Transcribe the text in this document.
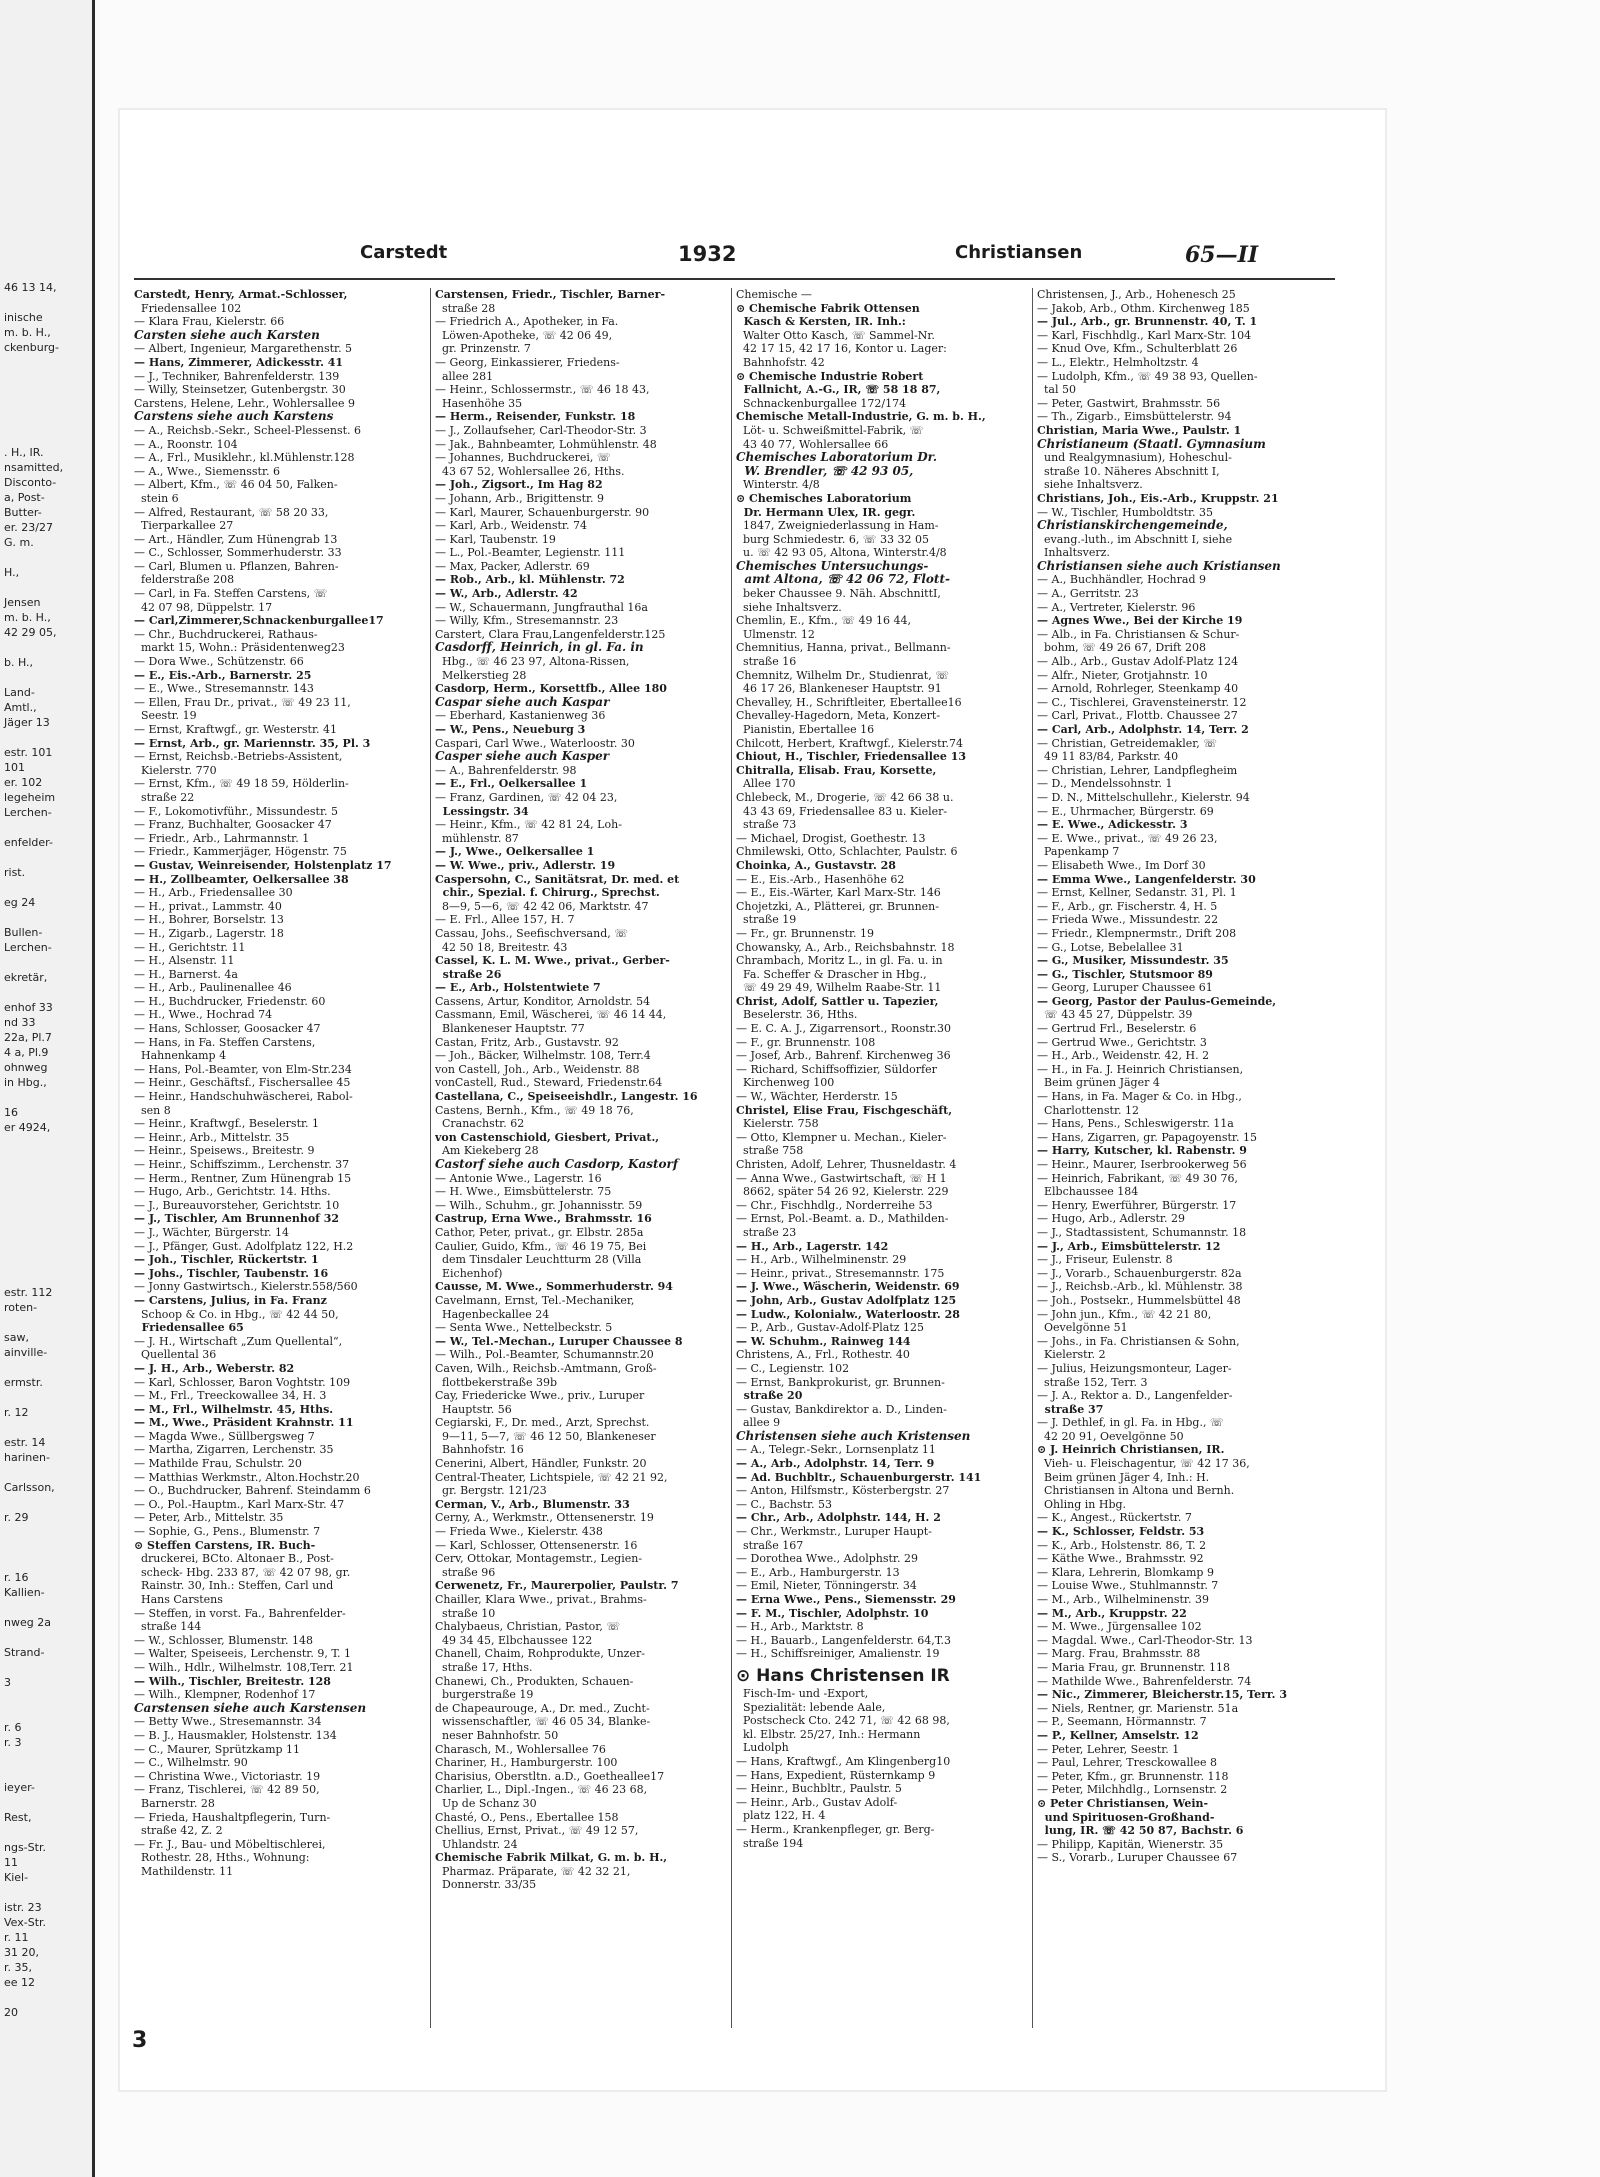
46 13 14,

inische
m. b. H.,
ckenburg-

. H., IR.
nsamitted,
Disconto-
a, Post-
Butter-
er. 23/27
G. m.

H.,

Jensen
m. b. H.,
42 29 05,

b. H.,

Land-
Amtl.,
Jäger 13

estr. 101
101
er. 102
legeheim
Lerchen-

enfelder-

rist.

eg 24

Bullen-
Lerchen-

ekretär,

enhof 33
nd 33
22a, Pl.7
4 a, Pl.9
ohnweg
in Hbg.,

16
er 4924,

estr. 112
roten-

saw,
ainville-

ermstr.

r. 12

estr. 14
harinen-

Carlsson,

r. 29

r. 16
Kallien-

nweg 2a

Strand-

3

r. 6
r. 3

ieyer-

Rest,

ngs-Str.
11
Kiel-

istr. 23
Vex-Str.
r. 11
31 20,
r. 35,
ee 12

20
Carstedt	1932	Christiansen	65—II
Carstedt, Henry, Armat.-Schlosser,
Friedensallee 102
— Klara Frau, Kielerstr. 66
Carsten siehe auch Karsten
— Albert, Ingenieur, Margarethenstr. 5
— Hans, Zimmerer, Adickesstr. 41
— J., Techniker, Bahrenfelderstr. 139
— Willy, Steinsetzer, Gutenbergstr. 30
Carstens, Helene, Lehr., Wohlersallee 9
Carstens siehe auch Karstens
— A., Reichsb.-Sekr., Scheel-Plessenst. 6
— A., Roonstr. 104
— A., Frl., Musiklehr., kl.Mühlenstr.128
— A., Wwe., Siemensstr. 6
— Albert, Kfm., ☏ 46 04 50, Falken-
stein 6
— Alfred, Restaurant, ☏ 58 20 33,
Tierparkallee 27
— Art., Händler, Zum Hünengrab 13
— C., Schlosser, Sommerhuderstr. 33
— Carl, Blumen u. Pflanzen, Bahren-
felderstraße 208
— Carl, in Fa. Steffen Carstens, ☏
42 07 98, Düppelstr. 17
— Carl,Zimmerer,Schnackenburgallee17
— Chr., Buchdruckerei, Rathaus-
markt 15, Wohn.: Präsidentenweg23
— Dora Wwe., Schützenstr. 66
— E., Eis.-Arb., Barnerstr. 25
— E., Wwe., Stresemannstr. 143
— Ellen, Frau Dr., privat., ☏ 49 23 11,
Seestr. 19
— Ernst, Kraftwgf., gr. Westerstr. 41
— Ernst, Arb., gr. Mariennstr. 35, Pl. 3
— Ernst, Reichsb.-Betriebs-Assistent,
Kielerstr. 770
— Ernst, Kfm., ☏ 49 18 59, Hölderlin-
straße 22
— F., Lokomotivführ., Missundestr. 5
— Franz, Buchhalter, Goosacker 47
— Friedr., Arb., Lahrmannstr. 1
— Friedr., Kammerjäger, Högenstr. 75
— Gustav, Weinreisender, Holstenplatz 17
— H., Zollbeamter, Oelkersallee 38
— H., Arb., Friedensallee 30
— H., privat., Lammstr. 40
— H., Bohrer, Borselstr. 13
— H., Zigarb., Lagerstr. 18
— H., Gerichtstr. 11
— H., Alsenstr. 11
— H., Barnerst. 4a
— H., Arb., Paulinenallee 46
— H., Buchdrucker, Friedenstr. 60
— H., Wwe., Hochrad 74
— Hans, Schlosser, Goosacker 47
— Hans, in Fa. Steffen Carstens,
Hahnenkamp 4
— Hans, Pol.-Beamter, von Elm-Str.234
— Heinr., Geschäftsf., Fischersallee 45
— Heinr., Handschuhwäscherei, Rabol-
sen 8
— Heinr., Kraftwgf., Beselerstr. 1
— Heinr., Arb., Mittelstr. 35
— Heinr., Speisews., Breitestr. 9
— Heinr., Schiffszimm., Lerchenstr. 37
— Herm., Rentner, Zum Hünengrab 15
— Hugo, Arb., Gerichtstr. 14. Hths.
— J., Bureauvorsteher, Gerichtstr. 10
— J., Tischler, Am Brunnenhof 32
— J., Wächter, Bürgerstr. 14
— J., Pfänger, Gust. Adolfplatz 122, H.2
— Joh., Tischler, Rückertstr. 1
— Johs., Tischler, Taubenstr. 16
— Jonny Gastwirtsch., Kielerstr.558/560
— Carstens, Julius, in Fa. Franz
Schoop & Co. in Hbg., ☏ 42 44 50,
Friedensallee 65
— J. H., Wirtschaft „Zum Quellental“,
Quellental 36
— J. H., Arb., Weberstr. 82
— Karl, Schlosser, Baron Voghtstr. 109
— M., Frl., Treeckowallee 34, H. 3
— M., Frl., Wilhelmstr. 45, Hths.
— M., Wwe., Präsident Krahnstr. 11
— Magda Wwe., Süllbergsweg 7
— Martha, Zigarren, Lerchenstr. 35
— Mathilde Frau, Schulstr. 20
— Matthias Werkmstr., Alton.Hochstr.20
— O., Buchdrucker, Bahrenf. Steindamm 6
— O., Pol.-Hauptm., Karl Marx-Str. 47
— Peter, Arb., Mittelstr. 35
— Sophie, G., Pens., Blumenstr. 7
⊙ Steffen Carstens, IR. Buch-
druckerei, BCto. Altonaer B., Post-
scheck- Hbg. 233 87, ☏ 42 07 98, gr.
Rainstr. 30, Inh.: Steffen, Carl und
Hans Carstens
— Steffen, in vorst. Fa., Bahrenfelder-
straße 144
— W., Schlosser, Blumenstr. 148
— Walter, Speiseeis, Lerchenstr. 9, T. 1
— Wilh., Hdlr., Wilhelmstr. 108,Terr. 21
— Wilh., Tischler, Breitestr. 128
— Wilh., Klempner, Rodenhof 17
Carstensen siehe auch Karstensen
— Betty Wwe., Stresemannstr. 34
— B. J., Hausmakler, Holstenstr. 134
— C., Maurer, Sprützkamp 11
— C., Wilhelmstr. 90
— Christina Wwe., Victoriastr. 19
— Franz, Tischlerei, ☏ 42 89 50,
Barnerstr. 28
— Frieda, Haushaltpflegerin, Turn-
straße 42, Z. 2
— Fr. J., Bau- und Möbeltischlerei,
Rothestr. 28, Hths., Wohnung:
Mathildenstr. 11
Carstensen, Friedr., Tischler, Barner-
straße 28
— Friedrich A., Apotheker, in Fa.
Löwen-Apotheke, ☏ 42 06 49,
gr. Prinzenstr. 7
— Georg, Einkassierer, Friedens-
allee 281
— Heinr., Schlossermstr., ☏ 46 18 43,
Hasenhöhe 35
— Herm., Reisender, Funkstr. 18
— J., Zollaufseher, Carl-Theodor-Str. 3
— Jak., Bahnbeamter, Lohmühlenstr. 48
— Johannes, Buchdruckerei, ☏
43 67 52, Wohlersallee 26, Hths.
— Joh., Zigsort., Im Hag 82
— Johann, Arb., Brigittenstr. 9
— Karl, Maurer, Schauenburgerstr. 90
— Karl, Arb., Weidenstr. 74
— Karl, Taubenstr. 19
— L., Pol.-Beamter, Legienstr. 111
— Max, Packer, Adlerstr. 69
— Rob., Arb., kl. Mühlenstr. 72
— W., Arb., Adlerstr. 42
— W., Schauermann, Jungfrauthal 16a
— Willy, Kfm., Stresemannstr. 23
Carstert, Clara Frau,Langenfelderstr.125
Casdorff, Heinrich, in gl. Fa. in
Hbg., ☏ 46 23 97, Altona-Rissen,
Melkerstieg 28
Casdorp, Herm., Korsettfb., Allee 180
Caspar siehe auch Kaspar
— Eberhard, Kastanienweg 36
— W., Pens., Neueburg 3
Caspari, Carl Wwe., Waterloostr. 30
Casper siehe auch Kasper
— A., Bahrenfelderstr. 98
— E., Frl., Oelkersallee 1
— Franz, Gardinen, ☏ 42 04 23,
Lessingstr. 34
— Heinr., Kfm., ☏ 42 81 24, Loh-
mühlenstr. 87
— J., Wwe., Oelkersallee 1
— W. Wwe., priv., Adlerstr. 19
Caspersohn, C., Sanitätsrat, Dr. med. et
chir., Spezial. f. Chirurg., Sprechst.
8—9, 5—6, ☏ 42 42 06, Marktstr. 47
— E. Frl., Allee 157, H. 7
Cassau, Johs., Seefischversand, ☏
42 50 18, Breitestr. 43
Cassel, K. L. M. Wwe., privat., Gerber-
straße 26
— E., Arb., Holstentwiete 7
Cassens, Artur, Konditor, Arnoldstr. 54
Cassmann, Emil, Wäscherei, ☏ 46 14 44,
Blankeneser Hauptstr. 77
Castan, Fritz, Arb., Gustavstr. 92
— Joh., Bäcker, Wilhelmstr. 108, Terr.4
von Castell, Joh., Arb., Weidenstr. 88
vonCastell, Rud., Steward, Friedenstr.64
Castellana, C., Speiseeishdlr., Langestr. 16
Castens, Bernh., Kfm., ☏ 49 18 76,
Cranachstr. 62
von Castenschiold, Giesbert, Privat.,
Am Kiekeberg 28
Castorf siehe auch Casdorp, Kastorf
— Antonie Wwe., Lagerstr. 16
— H. Wwe., Eimsbüttelerstr. 75
— Wilh., Schuhm., gr. Johannisstr. 59
Castrup, Erna Wwe., Brahmsstr. 16
Cathor, Peter, privat., gr. Elbstr. 285a
Caulier, Guido, Kfm., ☏ 46 19 75, Bei
dem Tinsdaler Leuchtturm 28 (Villa
Eichenhof)
Causse, M. Wwe., Sommerhuderstr. 94
Cavelmann, Ernst, Tel.-Mechaniker,
Hagenbeckallee 24
— Senta Wwe., Nettelbeckstr. 5
— W., Tel.-Mechan., Luruper Chaussee 8
— Wilh., Pol.-Beamter, Schumannstr.20
Caven, Wilh., Reichsb.-Amtmann, Groß-
flottbekerstraße 39b
Cay, Friedericke Wwe., priv., Luruper
Hauptstr. 56
Cegiarski, F., Dr. med., Arzt, Sprechst.
9—11, 5—7, ☏ 46 12 50, Blankeneser
Bahnhofstr. 16
Cenerini, Albert, Händler, Funkstr. 20
Central-Theater, Lichtspiele, ☏ 42 21 92,
gr. Bergstr. 121/23
Cerman, V., Arb., Blumenstr. 33
Cerny, A., Werkmstr., Ottensenerstr. 19
— Frieda Wwe., Kielerstr. 438
— Karl, Schlosser, Ottensenerstr. 16
Cerv, Ottokar, Montagemstr., Legien-
straße 96
Cerwenetz, Fr., Maurerpolier, Paulstr. 7
Chailler, Klara Wwe., privat., Brahms-
straße 10
Chalybaeus, Christian, Pastor, ☏
49 34 45, Elbchaussee 122
Chanell, Chaim, Rohprodukte, Unzer-
straße 17, Hths.
Chanewi, Ch., Produkten, Schauen-
burgerstraße 19
de Chapeaurouge, A., Dr. med., Zucht-
wissenschaftler, ☏ 46 05 34, Blanke-
neser Bahnhofstr. 50
Charasch, M., Wohlersallee 76
Chariner, H., Hamburgerstr. 100
Charisius, Oberstltn. a.D., Goetheallee17
Charlier, L., Dipl.-Ingen., ☏ 46 23 68,
Up de Schanz 30
Chasté, O., Pens., Ebertallee 158
Chellius, Ernst, Privat., ☏ 49 12 57,
Uhlandstr. 24
Chemische Fabrik Milkat, G. m. b. H.,
Pharmaz. Präparate, ☏ 42 32 21,
Donnerstr. 33/35
Chemische —
⊙ Chemische Fabrik Ottensen
Kasch & Kersten, IR. Inh.:
Walter Otto Kasch, ☏ Sammel-Nr.
42 17 15, 42 17 16, Kontor u. Lager:
Bahnhofstr. 42
⊙ Chemische Industrie Robert
Fallnicht, A.-G., IR, ☏ 58 18 87,
Schnackenburgallee 172/174
Chemische Metall-Industrie, G. m. b. H.,
Löt- u. Schweißmittel-Fabrik, ☏
43 40 77, Wohlersallee 66
Chemisches Laboratorium Dr.
W. Brendler, ☏ 42 93 05,
Winterstr. 4/8
⊙ Chemisches Laboratorium
Dr. Hermann Ulex, IR. gegr.
1847, Zweigniederlassung in Ham-
burg Schmiedestr. 6, ☏ 33 32 05
u. ☏ 42 93 05, Altona, Winterstr.4/8
Chemisches Untersuchungs-
amt Altona, ☏ 42 06 72, Flott-
beker Chaussee 9. Näh. AbschnittI,
siehe Inhaltsverz.
Chemlin, E., Kfm., ☏ 49 16 44,
Ulmenstr. 12
Chemnitius, Hanna, privat., Bellmann-
straße 16
Chemnitz, Wilhelm Dr., Studienrat, ☏
46 17 26, Blankeneser Hauptstr. 91
Chevalley, H., Schriftleiter, Ebertallee16
Chevalley-Hagedorn, Meta, Konzert-
Pianistin, Ebertallee 16
Chilcott, Herbert, Kraftwgf., Kielerstr.74
Chiout, H., Tischler, Friedensallee 13
Chitralla, Elisab. Frau, Korsette,
Allee 170
Chlebeck, M., Drogerie, ☏ 42 66 38 u.
43 43 69, Friedensallee 83 u. Kieler-
straße 73
— Michael, Drogist, Goethestr. 13
Chmilewski, Otto, Schlachter, Paulstr. 6
Choinka, A., Gustavstr. 28
— E., Eis.-Arb., Hasenhöhe 62
— E., Eis.-Wärter, Karl Marx-Str. 146
Chojetzki, A., Plätterei, gr. Brunnen-
straße 19
— Fr., gr. Brunnenstr. 19
Chowansky, A., Arb., Reichsbahnstr. 18
Chrambach, Moritz L., in gl. Fa. u. in
Fa. Scheffer & Drascher in Hbg.,
☏ 49 29 49, Wilhelm Raabe-Str. 11
Christ, Adolf, Sattler u. Tapezier,
Beselerstr. 36, Hths.
— E. C. A. J., Zigarrensort., Roonstr.30
— F., gr. Brunnenstr. 108
— Josef, Arb., Bahrenf. Kirchenweg 36
— Richard, Schiffsoffizier, Süldorfer
Kirchenweg 100
— W., Wächter, Herderstr. 15
Christel, Elise Frau, Fischgeschäft,
Kielerstr. 758
— Otto, Klempner u. Mechan., Kieler-
straße 758
Christen, Adolf, Lehrer, Thusneldastr. 4
— Anna Wwe., Gastwirtschaft, ☏ H 1
8662, später 54 26 92, Kielerstr. 229
— Chr., Fischhdlg., Norderreihe 53
— Ernst, Pol.-Beamt. a. D., Mathilden-
straße 23
— H., Arb., Lagerstr. 142
— H., Arb., Wilhelminenstr. 29
— Heinr., privat., Stresemannstr. 175
— J. Wwe., Wäscherin, Weidenstr. 69
— John, Arb., Gustav Adolfplatz 125
— Ludw., Kolonialw., Waterloostr. 28
— P., Arb., Gustav-Adolf-Platz 125
— W. Schuhm., Rainweg 144
Christens, A., Frl., Rothestr. 40
— C., Legienstr. 102
— Ernst, Bankprokurist, gr. Brunnen-
straße 20
— Gustav, Bankdirektor a. D., Linden-
allee 9
Christensen siehe auch Kristensen
— A., Telegr.-Sekr., Lornsenplatz 11
— A., Arb., Adolphstr. 14, Terr. 9
— Ad. Buchbltr., Schauenburgerstr. 141
— Anton, Hilfsmstr., Kösterbergstr. 27
— C., Bachstr. 53
— Chr., Arb., Adolphstr. 144, H. 2
— Chr., Werkmstr., Luruper Haupt-
straße 167
— Dorothea Wwe., Adolphstr. 29
— E., Arb., Hamburgerstr. 13
— Emil, Nieter, Tönningerstr. 34
— Erna Wwe., Pens., Siemensstr. 29
— F. M., Tischler, Adolphstr. 10
— H., Arb., Marktstr. 8
— H., Bauarb., Langenfelderstr. 64,T.3
— H., Schiffsreiniger, Amalienstr. 19
⊙ Hans Christensen IR
Fisch-Im- und -Export,
Spezialität: lebende Aale,
Postscheck Cto. 242 71, ☏ 42 68 98,
kl. Elbstr. 25/27, Inh.: Hermann
Ludolph
— Hans, Kraftwgf., Am Klingenberg10
— Hans, Expedient, Rüsternkamp 9
— Heinr., Buchbltr., Paulstr. 5
— Heinr., Arb., Gustav Adolf-
platz 122, H. 4
— Herm., Krankenpfleger, gr. Berg-
straße 194
Christensen, J., Arb., Hohenesch 25
— Jakob, Arb., Othm. Kirchenweg 185
— Jul., Arb., gr. Brunnenstr. 40, T. 1
— Karl, Fischhdlg., Karl Marx-Str. 104
— Knud Ove, Kfm., Schulterblatt 26
— L., Elektr., Helmholtzstr. 4
— Ludolph, Kfm., ☏ 49 38 93, Quellen-
tal 50
— Peter, Gastwirt, Brahmsstr. 56
— Th., Zigarb., Eimsbüttelerstr. 94
Christian, Maria Wwe., Paulstr. 1
Christianeum (Staatl. Gymnasium
und Realgymnasium), Hoheschul-
straße 10. Näheres Abschnitt I,
siehe Inhaltsverz.
Christians, Joh., Eis.-Arb., Kruppstr. 21
— W., Tischler, Humboldtstr. 35
Christianskirchengemeinde,
evang.-luth., im Abschnitt I, siehe
Inhaltsverz.
Christiansen siehe auch Kristiansen
— A., Buchhändler, Hochrad 9
— A., Gerritstr. 23
— A., Vertreter, Kielerstr. 96
— Agnes Wwe., Bei der Kirche 19
— Alb., in Fa. Christiansen & Schur-
bohm, ☏ 49 26 67, Drift 208
— Alb., Arb., Gustav Adolf-Platz 124
— Alfr., Nieter, Grotjahnstr. 10
— Arnold, Rohrleger, Steenkamp 40
— C., Tischlerei, Gravensteinerstr. 12
— Carl, Privat., Flottb. Chaussee 27
— Carl, Arb., Adolphstr. 14, Terr. 2
— Christian, Getreidemakler, ☏
49 11 83/84, Parkstr. 40
— Christian, Lehrer, Landpflegheim
— D., Mendelssohnstr. 1
— D. N., Mittelschullehr., Kielerstr. 94
— E., Uhrmacher, Bürgerstr. 69
— E. Wwe., Adickesstr. 3
— E. Wwe., privat., ☏ 49 26 23,
Papenkamp 7
— Elisabeth Wwe., Im Dorf 30
— Emma Wwe., Langenfelderstr. 30
— Ernst, Kellner, Sedanstr. 31, Pl. 1
— F., Arb., gr. Fischerstr. 4, H. 5
— Frieda Wwe., Missundestr. 22
— Friedr., Klempnermstr., Drift 208
— G., Lotse, Bebelallee 31
— G., Musiker, Missundestr. 35
— G., Tischler, Stutsmoor 89
— Georg, Luruper Chaussee 61
— Georg, Pastor der Paulus-Gemeinde,
☏ 43 45 27, Düppelstr. 39
— Gertrud Frl., Beselerstr. 6
— Gertrud Wwe., Gerichtstr. 3
— H., Arb., Weidenstr. 42, H. 2
— H., in Fa. J. Heinrich Christiansen,
Beim grünen Jäger 4
— Hans, in Fa. Mager & Co. in Hbg.,
Charlottenstr. 12
— Hans, Pens., Schleswigerstr. 11a
— Hans, Zigarren, gr. Papagoyenstr. 15
— Harry, Kutscher, kl. Rabenstr. 9
— Heinr., Maurer, Iserbrookerweg 56
— Heinrich, Fabrikant, ☏ 49 30 76,
Elbchaussee 184
— Henry, Ewerführer, Bürgerstr. 17
— Hugo, Arb., Adlerstr. 29
— J., Stadtassistent, Schumannstr. 18
— J., Arb., Eimsbüttelerstr. 12
— J., Friseur, Eulenstr. 8
— J., Vorarb., Schauenburgerstr. 82a
— J., Reichsb.-Arb., kl. Mühlenstr. 38
— Joh., Postsekr., Hummelsbüttel 48
— John jun., Kfm., ☏ 42 21 80,
Oevelgönne 51
— Johs., in Fa. Christiansen & Sohn,
Kielerstr. 2
— Julius, Heizungsmonteur, Lager-
straße 152, Terr. 3
— J. A., Rektor a. D., Langenfelder-
straße 37
— J. Dethlef, in gl. Fa. in Hbg., ☏
42 20 91, Oevelgönne 50
⊙ J. Heinrich Christiansen, IR.
Vieh- u. Fleischagentur, ☏ 42 17 36,
Beim grünen Jäger 4, Inh.: H.
Christiansen in Altona und Bernh.
Ohling in Hbg.
— K., Angest., Rückertstr. 7
— K., Schlosser, Feldstr. 53
— K., Arb., Holstenstr. 86, T. 2
— Käthe Wwe., Brahmsstr. 92
— Klara, Lehrerin, Blomkamp 9
— Louise Wwe., Stuhlmannstr. 7
— M., Arb., Wilhelminenstr. 39
— M., Arb., Kruppstr. 22
— M. Wwe., Jürgensallee 102
— Magdal. Wwe., Carl-Theodor-Str. 13
— Marg. Frau, Brahmsstr. 88
— Maria Frau, gr. Brunnenstr. 118
— Mathilde Wwe., Bahrenfelderstr. 74
— Nic., Zimmerer, Bleicherstr.15, Terr. 3
— Niels, Rentner, gr. Marienstr. 51a
— P., Seemann, Hörmannstr. 7
— P., Kellner, Amselstr. 12
— Peter, Lehrer, Seestr. 1
— Paul, Lehrer, Tresckowallee 8
— Peter, Kfm., gr. Brunnenstr. 118
— Peter, Milchhdlg., Lornsenstr. 2
⊙ Peter Christiansen, Wein-
und Spirituosen-Großhand-
lung, IR. ☏ 42 50 87, Bachstr. 6
— Philipp, Kapitän, Wienerstr. 35
— S., Vorarb., Luruper Chaussee 67
3
